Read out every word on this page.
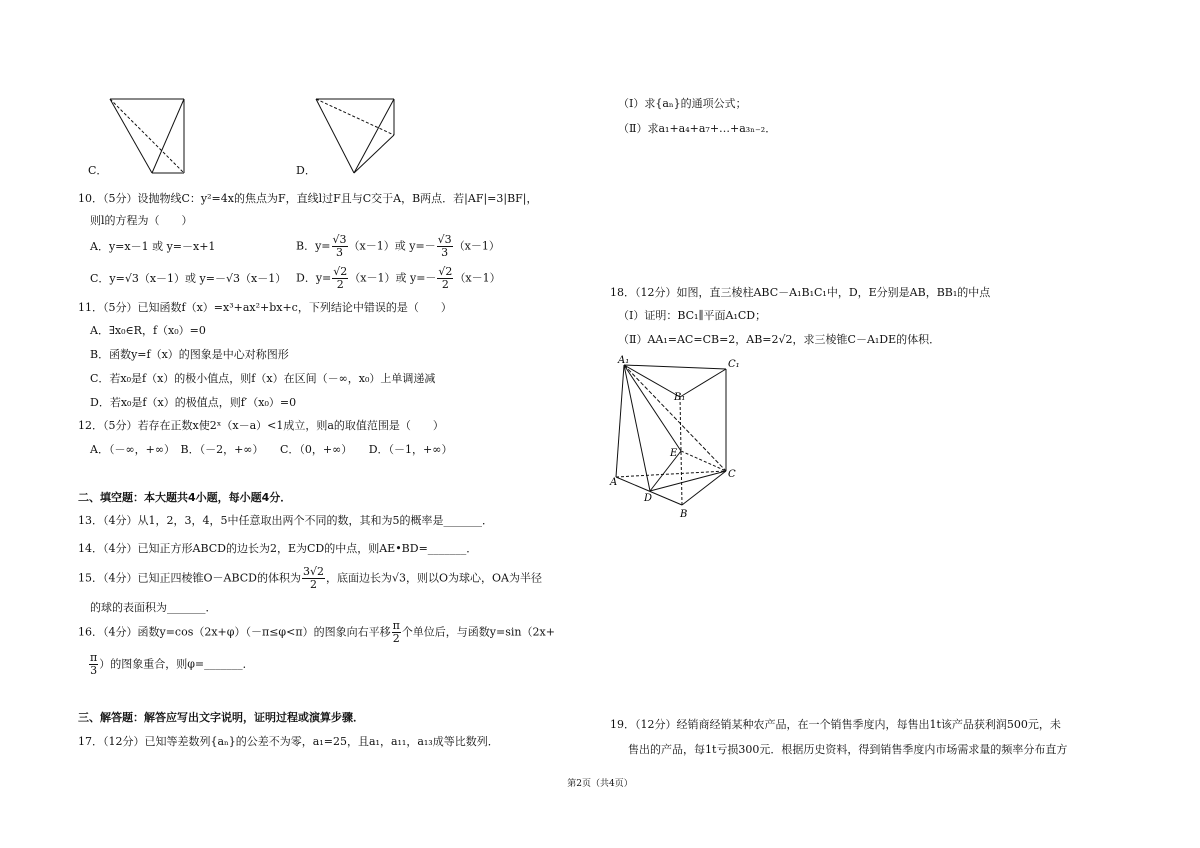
C．	D．
10．（5分）设抛物线C：y²=4x的焦点为F，直线l过F且与C交于A，B两点．若|AF|=3|BF|，
则l的方程为（　　）
A．y=x－1 或 y=－x+1	B．$y= \frac{√3}{3} (x-1)$或 $y=- \frac{√3}{3} (x-1)$
C．y=√3（x－1）或 y=－√3（x－1） D．$y= \frac{√2}{2} (x-1)$或 $y=- \frac{√2}{2} (x-1)$
11．（5分）已知函数f（x）=x³+ax²+bx+c，下列结论中错误的是（　　）
A．∃x₀∈R，f（x₀）=0
B．函数y=f（x）的图象是中心对称图形
C．若x₀是f（x）的极小值点，则f（x）在区间（－∞，x₀）上单调递减
D．若x₀是f（x）的极值点，则f′（x₀）=0
12．（5分）若存在正数x使2ˣ（x－a）<1成立，则a的取值范围是（　　）
A．（－∞，+∞）　B．（－2，+∞）　　C．（0，+∞）　　D．（－1，+∞）
二、填空题：本大题共4小题，每小题4分．
13．（4分）从1，2，3，4，5中任意取出两个不同的数，其和为5的概率是_______．
14．（4分）已知正方形ABCD的边长为2，E为CD的中点，则AE•BD=_______．
15．（4分）已知正四棱锥O－ABCD的体积为 $\frac{3√2}{2}$ ，底面边长为√3，则以O为球心，OA为半径
的球的表面积为_______．
16．（4分）函数y=cos（2x+φ）（－π≤φ<π）的图象向右平移 $\frac{\pi}{2}$ 个单位后，与函数y=sin（2x+
$\frac{\pi}{3}$ ）的图象重合，则φ=_______．
三、解答题：解答应写出文字说明，证明过程或演算步骤．
17．（12分）已知等差数列{aₙ}的公差不为零，a₁=25，且a₁，a₁₁，a₁₃成等比数列．
（Ⅰ）求{aₙ}的通项公式；
（Ⅱ）求a₁+a₄+a₇+…+a₃ₙ₋₂．
18．（12分）如图，直三棱柱ABC－A₁B₁C₁中，D，E分别是AB，BB₁的中点
（Ⅰ）证明：BC₁∥平面A₁CD；
（Ⅱ）AA₁=AC=CB=2，AB=2√2，求三棱锥C－A₁DE的体积．
A₁	C₁
B₁
E
C
A
D
B
19．（12分）经销商经销某种农产品，在一个销售季度内，每售出1t该产品获利润500元，未
售出的产品，每1t亏损300元．根据历史资料，得到销售季度内市场需求量的频率分布直方
第2页（共4页）
